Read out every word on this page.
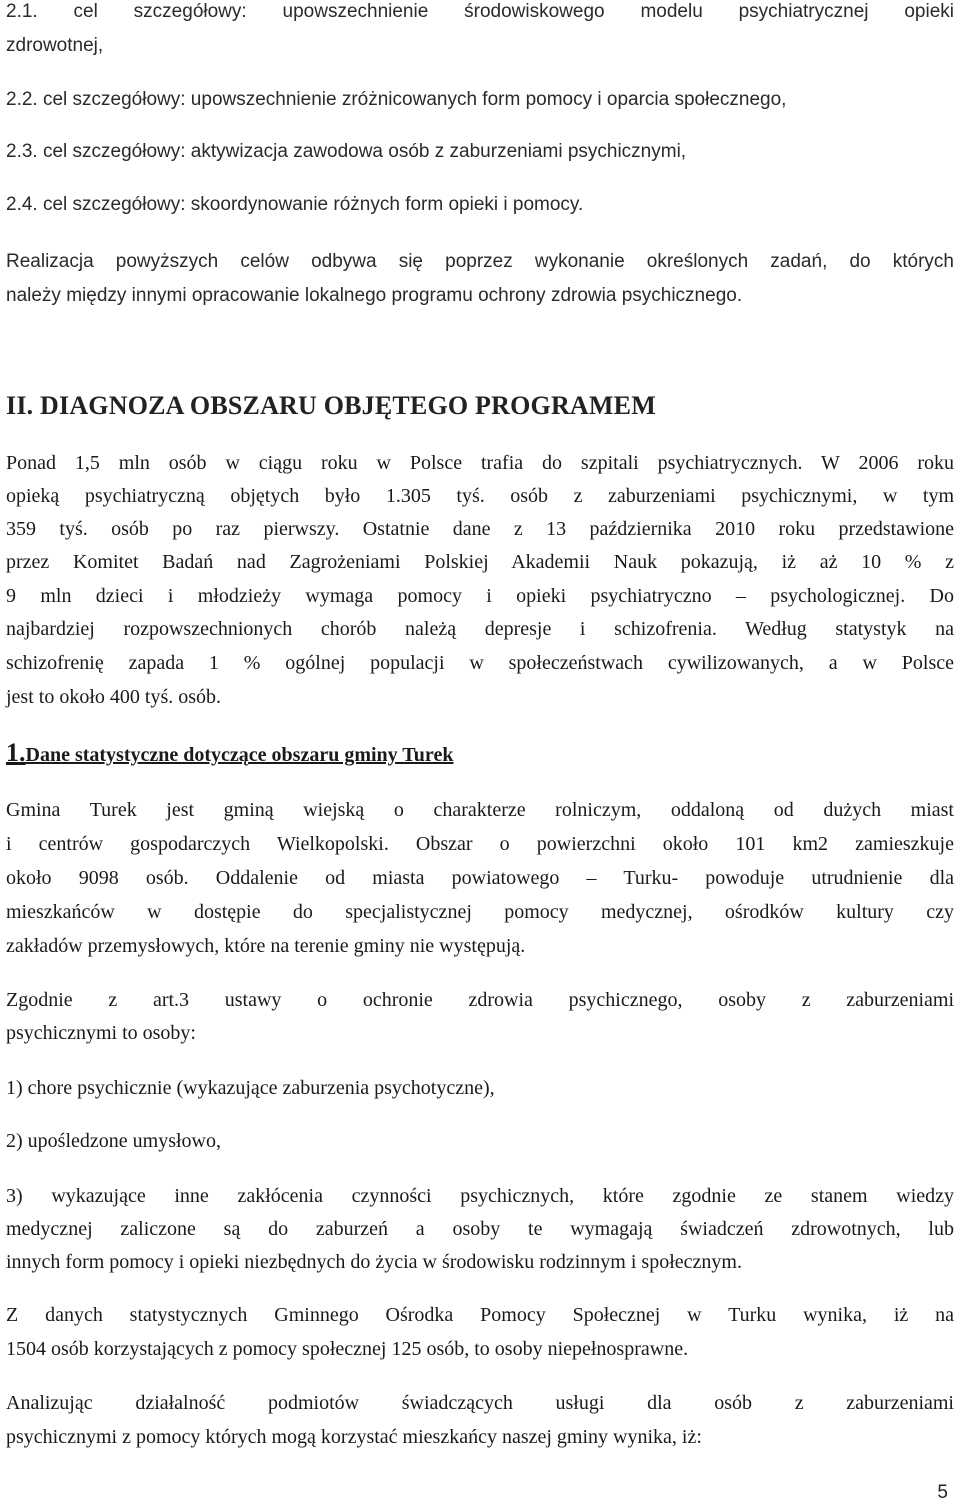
2.1. cel szczegółowy: upowszechnienie środowiskowego modelu psychiatrycznej opieki

zdrowotnej,

2.2. cel szczegółowy: upowszechnienie zróżnicowanych form pomocy i oparcia społecznego,

2.3. cel szczegółowy: aktywizacja zawodowa osób z zaburzeniami psychicznymi,

2.4. cel szczegółowy: skoordynowanie różnych form opieki i pomocy.

Realizacja powyższych celów odbywa się poprzez wykonanie określonych zadań, do których

należy między innymi opracowanie lokalnego programu ochrony zdrowia psychicznego.

II. DIAGNOZA OBSZARU OBJĘTEGO PROGRAMEM

Ponad 1,5 mln osób w ciągu roku w Polsce trafia do szpitali psychiatrycznych. W 2006 roku

opieką psychiatryczną objętych było 1.305 tyś. osób z zaburzeniami psychicznymi, w tym

359 tyś. osób po raz pierwszy. Ostatnie dane z 13 października 2010 roku przedstawione

przez Komitet Badań nad Zagrożeniami Polskiej Akademii Nauk pokazują, iż aż 10 % z

9 mln dzieci i młodzieży wymaga pomocy i opieki psychiatryczno – psychologicznej. Do

najbardziej rozpowszechnionych chorób należą depresje i schizofrenia. Według statystyk na

schizofrenię zapada 1 % ogólnej populacji w społeczeństwach cywilizowanych, a w Polsce

jest to około 400 tyś. osób.

1.Dane statystyczne dotyczące obszaru gminy Turek

Gmina Turek jest gminą wiejską o charakterze rolniczym, oddaloną od dużych miast

i centrów gospodarczych Wielkopolski. Obszar o powierzchni około 101 km2 zamieszkuje

około 9098 osób. Oddalenie od miasta powiatowego – Turku- powoduje utrudnienie dla

mieszkańców w dostępie do specjalistycznej pomocy medycznej, ośrodków kultury czy

zakładów przemysłowych, które na terenie gminy nie występują.

Zgodnie z art.3 ustawy o ochronie zdrowia psychicznego, osoby z zaburzeniami

psychicznymi to osoby:

1) chore psychicznie (wykazujące zaburzenia psychotyczne),

2) upośledzone umysłowo,

3) wykazujące inne zakłócenia czynności psychicznych, które zgodnie ze stanem wiedzy

medycznej zaliczone są do zaburzeń a osoby te wymagają świadczeń zdrowotnych, lub

innych form pomocy i opieki niezbędnych do życia w środowisku rodzinnym i społecznym.

Z danych statystycznych Gminnego Ośrodka Pomocy Społecznej w Turku wynika, iż na

1504 osób korzystających z pomocy społecznej 125 osób, to osoby niepełnosprawne.

Analizując działalność podmiotów świadczących usługi dla osób z zaburzeniami

psychicznymi z pomocy których mogą korzystać mieszkańcy naszej gminy wynika, iż:

5
